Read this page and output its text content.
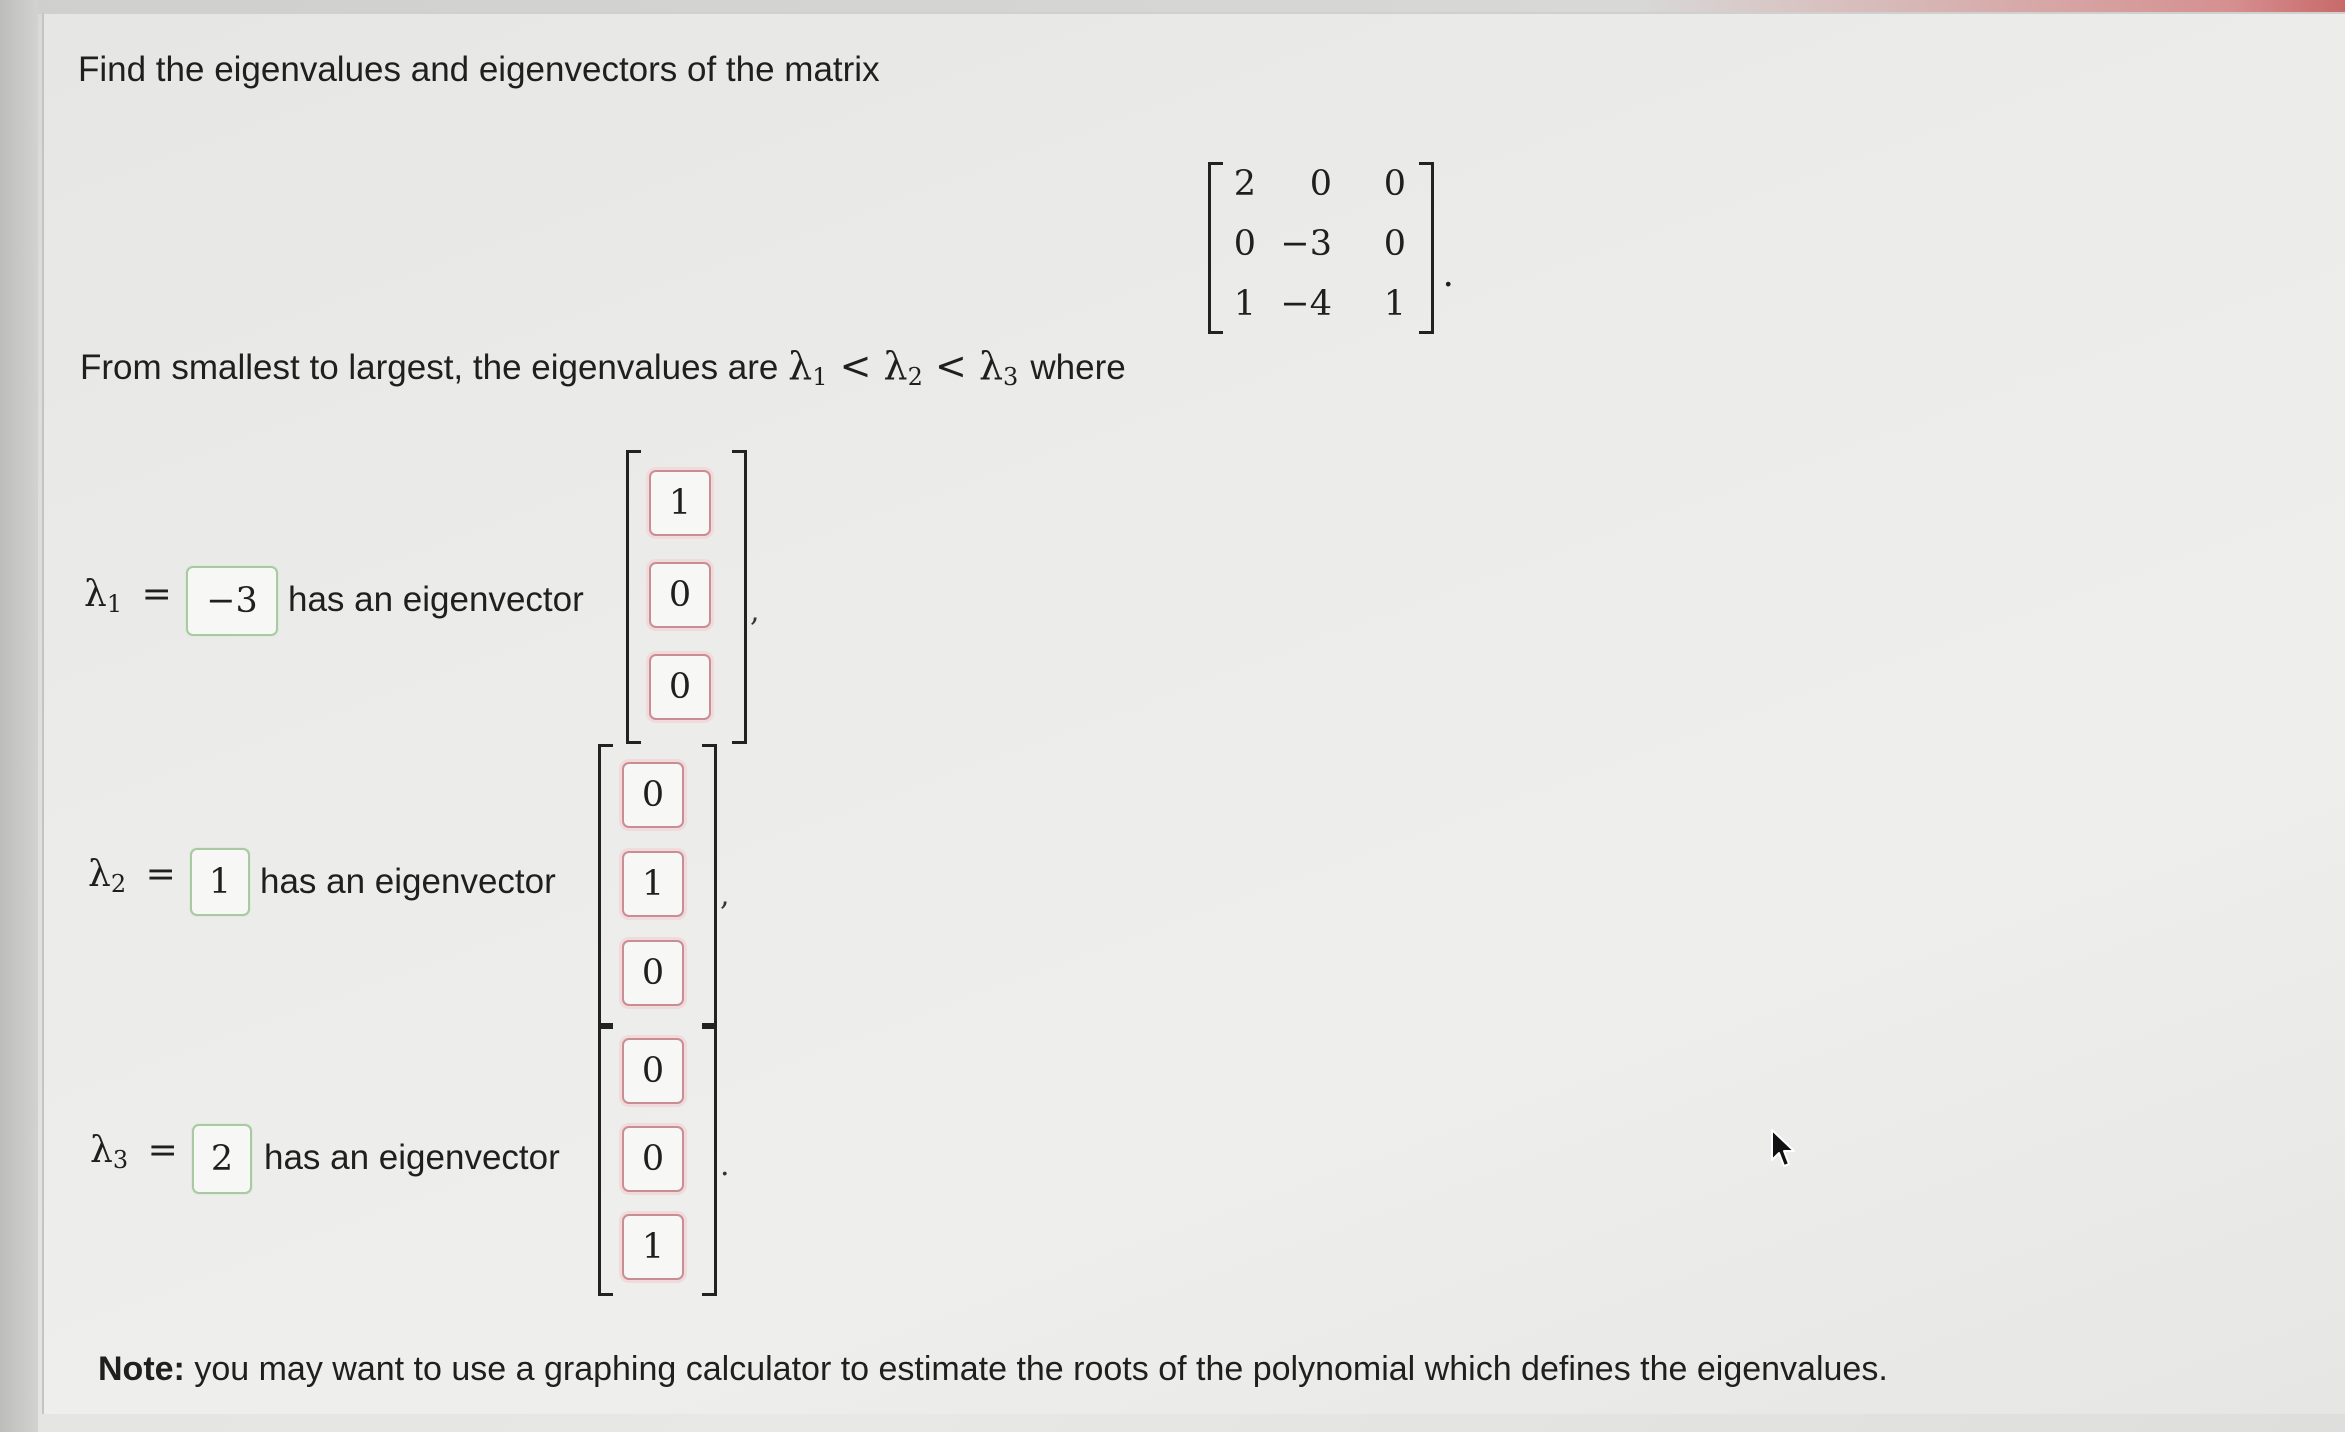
Find the eigenvalues and eigenvectors of the matrix
2	0	0
0 −3	0
1 −4	1
.
From smallest to largest, the eigenvalues are $\lambda_1 < \lambda_2 < \lambda_3$ where
$\lambda_1 = -3$ has an eigenvector
1
0
0
,
$\lambda_2 = 1$ has an eigenvector
0
1
0
,
$\lambda_3 = 2$ has an eigenvector
0
0
1
.
Note: you may want to use a graphing calculator to estimate the roots of the polynomial which defines the eigenvalues.
